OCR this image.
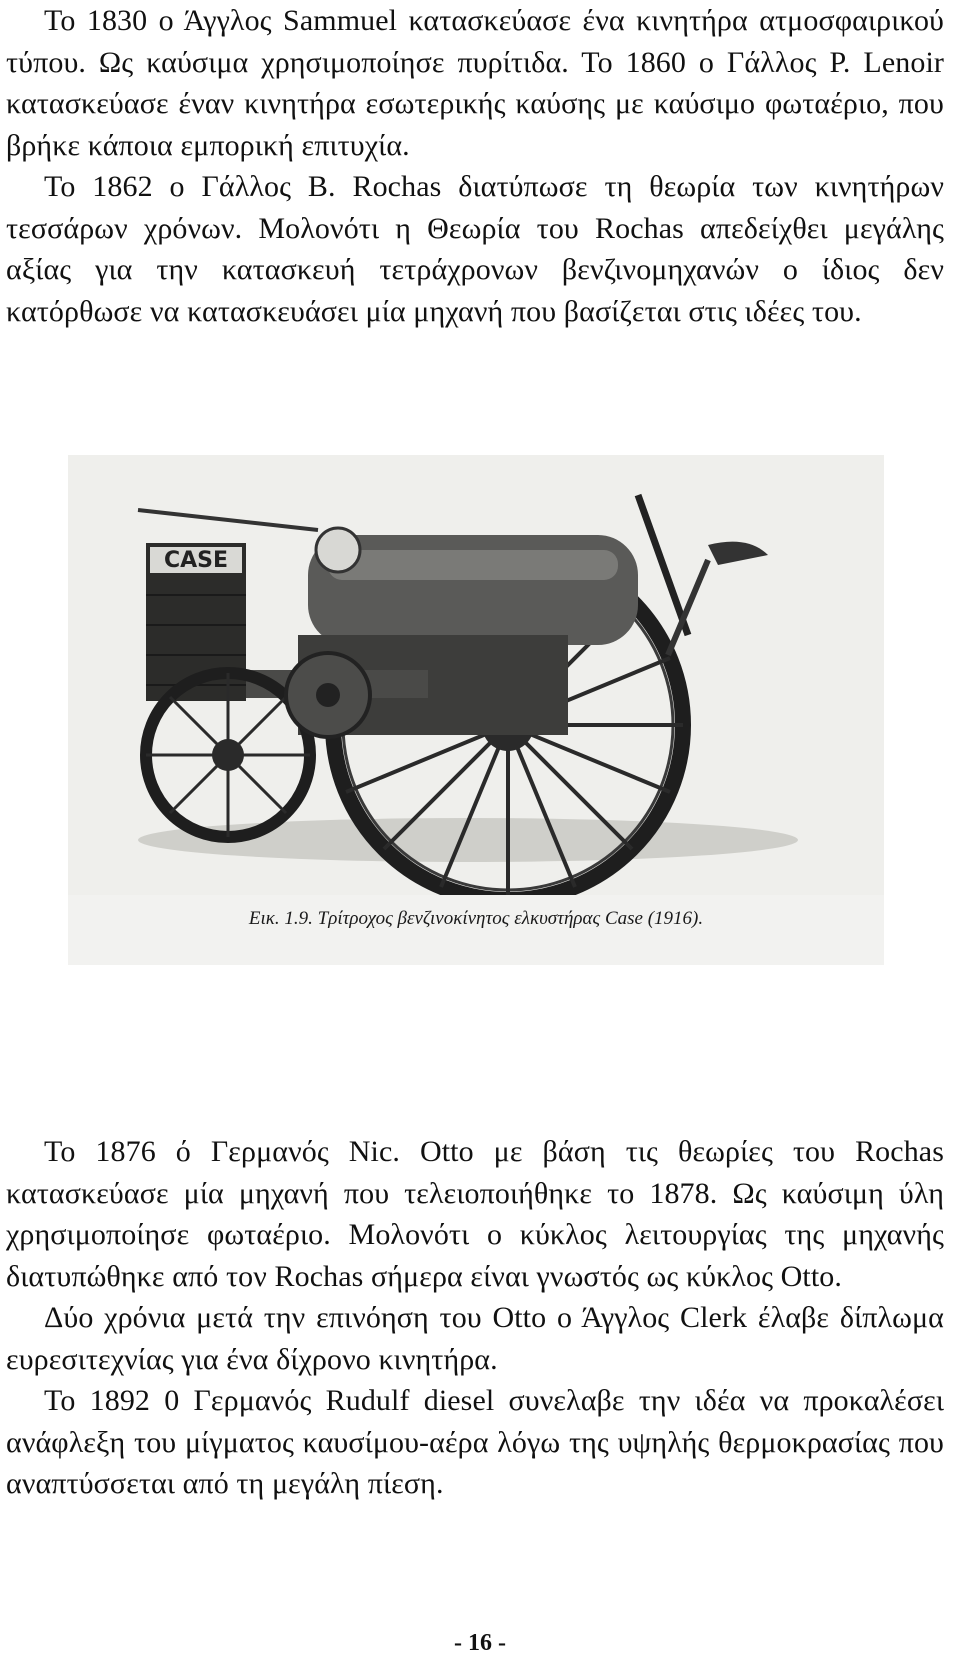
Το 1830 ο Άγγλος Sammuel κατασκεύασε ένα κινητήρα ατμοσφαιρικού τύπου. Ως καύσιμα χρησιμοποίησε πυρίτιδα. Το 1860 ο Γάλλος P. Lenoir κατασκεύασε έναν κινητήρα εσωτερικής καύσης με καύσιμο φωταέριο, που βρήκε κάποια εμπορική επιτυχία.

Το 1862 ο Γάλλος B. Rochas διατύπωσε τη θεωρία των κινητήρων τεσσάρων χρόνων. Μολονότι η Θεωρία του Rochas απεδείχθει μεγάλης αξίας για την κατασκευή τετράχρονων βενζινομηχανών ο ίδιος δεν κατόρθωσε να κατασκευάσει μία μηχανή που βασίζεται στις ιδέες του.

CASE
Εικ. 1.9. Τρίτροχος βενζινοκίνητος ελκυστήρας Case (1916).

Το 1876 ό Γερμανός Nic. Otto με βάση τις θεωρίες του Rochas κατασκεύασε μία μηχανή που τελειοποιήθηκε το 1878. Ως καύσιμη ύλη χρησιμοποίησε φωταέριο. Μολονότι ο κύκλος λειτουργίας της μηχανής διατυπώθηκε από τον Rochas σήμερα είναι γνωστός ως κύκλος Otto.

Δύο χρόνια μετά την επινόηση του Otto ο Άγγλος Clerk έλαβε δίπλωμα ευρεσιτεχνίας για ένα δίχρονο κινητήρα.

Το 1892 0 Γερμανός Rudulf diesel συνελαβε την ιδέα να προκαλέσει ανάφλεξη του μίγματος καυσίμου-αέρα λόγω της υψηλής θερμοκρασίας που αναπτύσσεται από τη μεγάλη πίεση.

- 16 -
